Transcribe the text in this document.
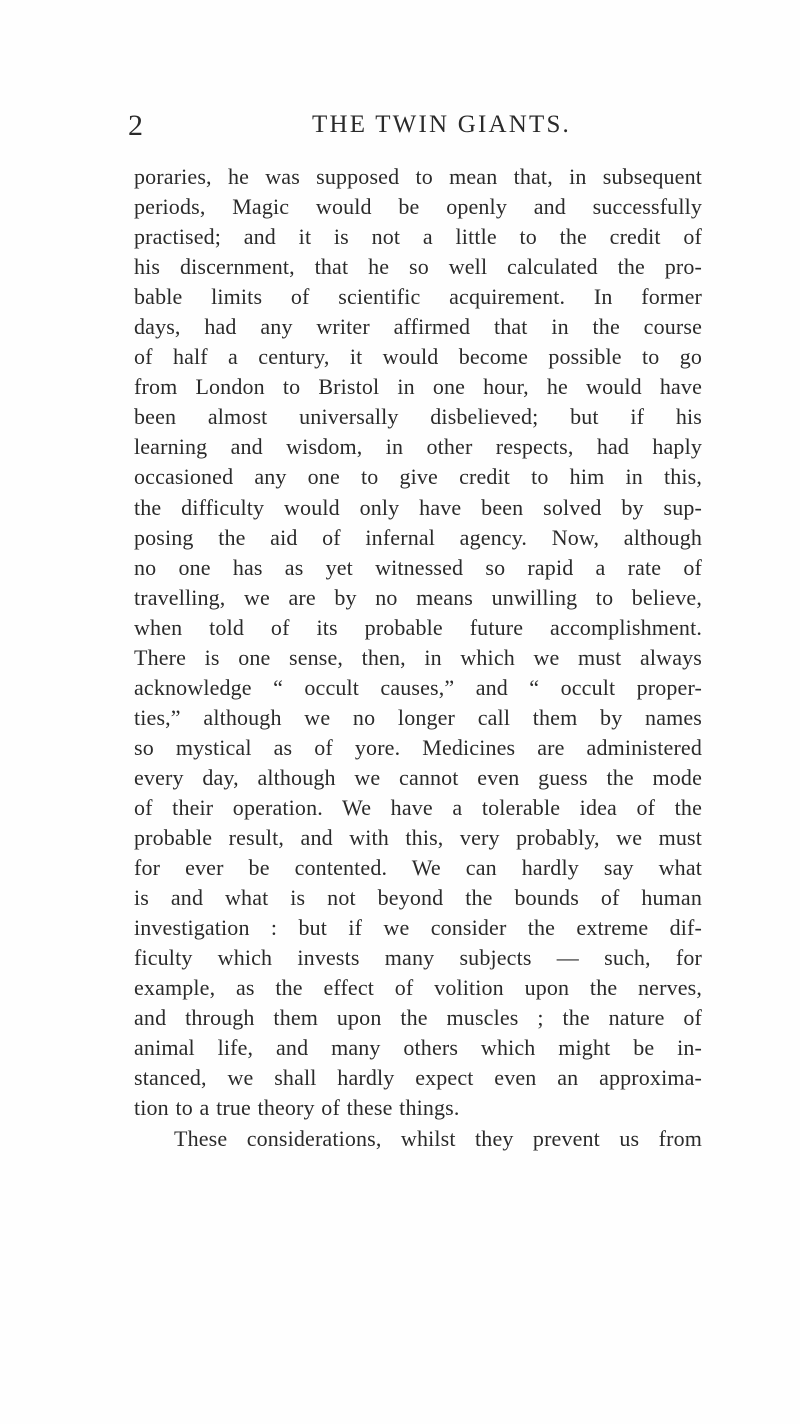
2	THE TWIN GIANTS.
poraries, he was supposed to mean that, in subsequent
periods, Magic would be openly and successfully
practised; and it is not a little to the credit of
his discernment, that he so well calculated the pro-
bable limits of scientific acquirement. In former
days, had any writer affirmed that in the course
of half a century, it would become possible to go
from London to Bristol in one hour, he would have
been almost universally disbelieved; but if his
learning and wisdom, in other respects, had haply
occasioned any one to give credit to him in this,
the difficulty would only have been solved by sup-
posing the aid of infernal agency. Now, although
no one has as yet witnessed so rapid a rate of
travelling, we are by no means unwilling to believe,
when told of its probable future accomplishment.
There is one sense, then, in which we must always
acknowledge “ occult causes,” and “ occult proper-
ties,” although we no longer call them by names
so mystical as of yore. Medicines are administered
every day, although we cannot even guess the mode
of their operation. We have a tolerable idea of the
probable result, and with this, very probably, we must
for ever be contented. We can hardly say what
is and what is not beyond the bounds of human
investigation : but if we consider the extreme dif-
ficulty which invests many subjects — such, for
example, as the effect of volition upon the nerves,
and through them upon the muscles ; the nature of
animal life, and many others which might be in-
stanced, we shall hardly expect even an approxima-
tion to a true theory of these things.
These considerations, whilst they prevent us from
